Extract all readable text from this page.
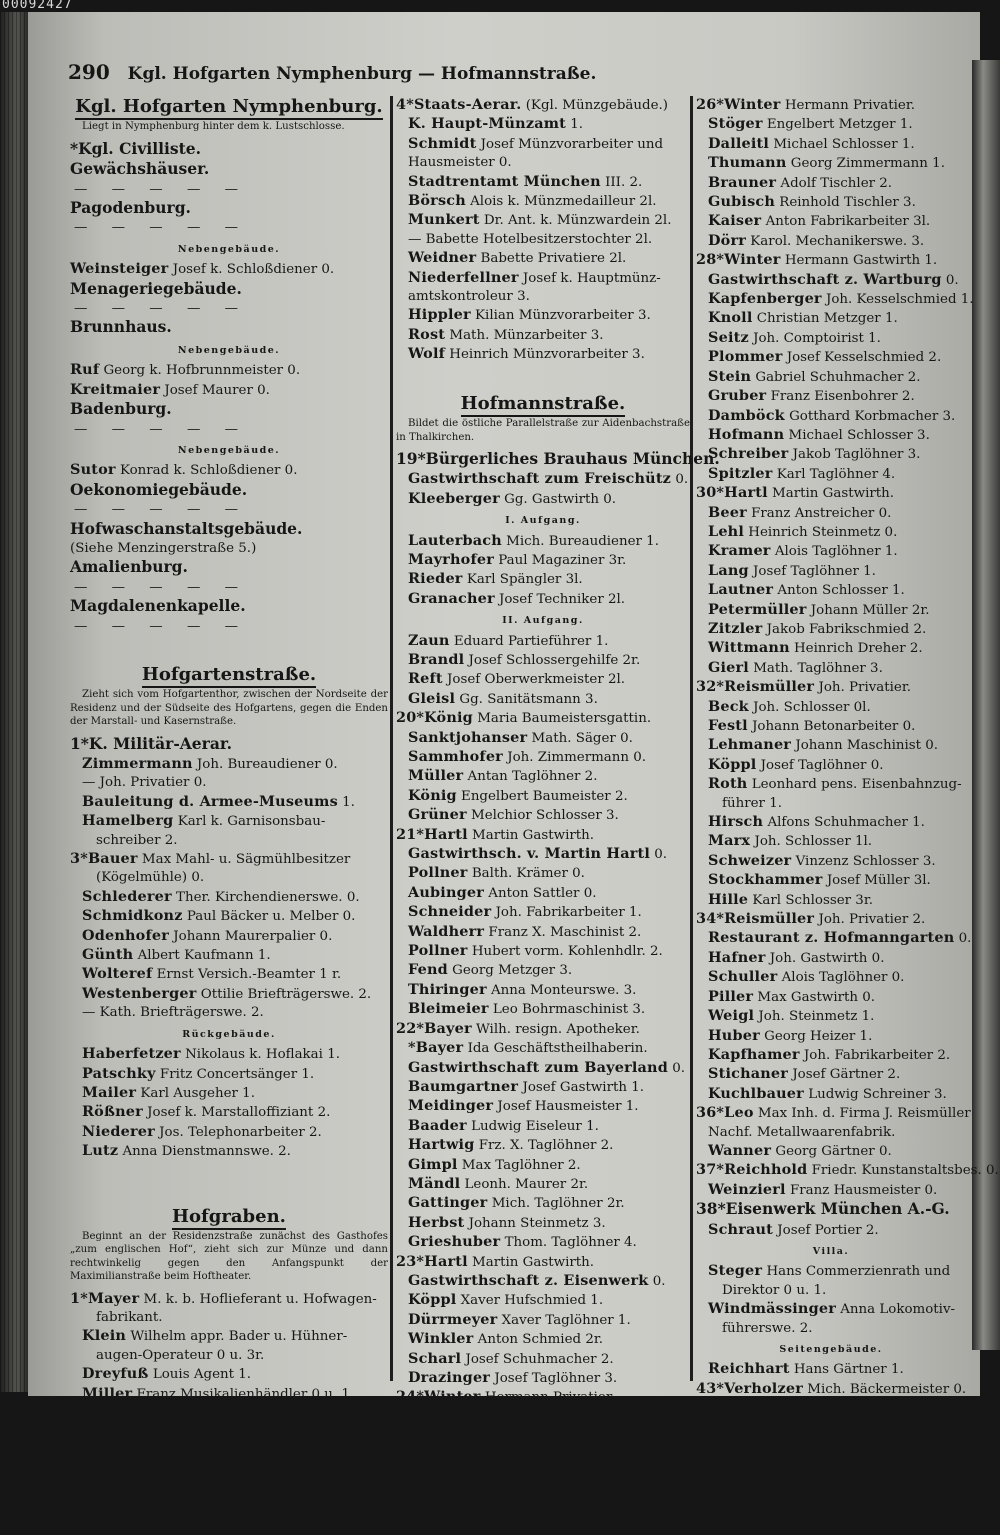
00092427
290 Kgl. Hofgarten Nymphenburg — Hofmannstraße.
Kgl. Hofgarten Nymphenburg.
Liegt in Nymphenburg hinter dem k. Lustschlosse.
*Kgl. Civilliste.
Gewächshäuser.
— — — — —
Pagodenburg.
— — — — —
Nebengebäude.
Weinsteiger Josef k. Schloßdiener 0.
Menageriegebäude.
— — — — —
Brunnhaus.
Nebengebäude.
Ruf Georg k. Hofbrunnmeister 0.
Kreitmaier Josef Maurer 0.
Badenburg.
— — — — —
Nebengebäude.
Sutor Konrad k. Schloßdiener 0.
Oekonomiegebäude.
— — — — —
Hofwaschanstaltsgebäude.
(Siehe Menzingerstraße 5.)
Amalienburg.
— — — — —
Magdalenenkapelle.
— — — — —
Hofgartenstraße.
Zieht sich vom Hofgartenthor, zwischen der Nordseite der Residenz und der Südseite des Hofgartens, gegen die Enden der Marstall- und Kasernstraße.
1*K. Militär-Aerar.
Zimmermann Joh. Bureaudiener 0.
— Joh. Privatier 0.
Bauleitung d. Armee-Museums 1.
Hamelberg Karl k. Garnisonsbau-
schreiber 2.
3*Bauer Max Mahl- u. Sägmühlbesitzer
(Kögelmühle) 0.
Schlederer Ther. Kirchendienerswe. 0.
Schmidkonz Paul Bäcker u. Melber 0.
Odenhofer Johann Maurerpalier 0.
Günth Albert Kaufmann 1.
Wolteref Ernst Versich.-Beamter 1 r.
Westenberger Ottilie Briefträgerswe. 2.
— Kath. Briefträgerswe. 2.
Rückgebäude.
Haberfetzer Nikolaus k. Hoflakai 1.
Patschky Fritz Concertsänger 1.
Mailer Karl Ausgeher 1.
Rößner Josef k. Marstalloffiziant 2.
Niederer Jos. Telephonarbeiter 2.
Lutz Anna Dienstmannswe. 2.
Hofgraben.
Beginnt an der Residenzstraße zunächst des Gasthofes „zum englischen Hof“, zieht sich zur Münze und dann rechtwinkelig gegen den Anfangspunkt der Maximilianstraße beim Hoftheater.
1*Mayer M. k. b. Hoflieferant u. Hofwagen-
fabrikant.
Klein Wilhelm appr. Bader u. Hühner-
augen-Operateur 0 u. 3r.
Dreyfuß Louis Agent 1.
Miller Franz Musikalienhändler 0 u. 1.
— Mich. Schreiner 1.
Witt J. M. Blumenfabrik 2.
Kimm Albert Juwelier 3.
4*Staats-Aerar. (Kgl. Münzgebäude.)
K. Haupt-Münzamt 1.
Schmidt Josef Münzvorarbeiter und
Hausmeister 0.
Stadtrentamt München III. 2.
Börsch Alois k. Münzmedailleur 2l.
Munkert Dr. Ant. k. Münzwardein 2l.
— Babette Hotelbesitzerstochter 2l.
Weidner Babette Privatiere 2l.
Niederfellner Josef k. Hauptmünz-
amtskontroleur 3.
Hippler Kilian Münzvorarbeiter 3.
Rost Math. Münzarbeiter 3.
Wolf Heinrich Münzvorarbeiter 3.
Hofmannstraße.
Bildet die östliche Parallelstraße zur Aidenbachstraße in Thalkirchen.
19*Bürgerliches Brauhaus München.
Gastwirthschaft zum Freischütz 0.
Kleeberger Gg. Gastwirth 0.
I. Aufgang.
Lauterbach Mich. Bureaudiener 1.
Mayrhofer Paul Magaziner 3r.
Rieder Karl Spängler 3l.
Granacher Josef Techniker 2l.
II. Aufgang.
Zaun Eduard Partieführer 1.
Brandl Josef Schlossergehilfe 2r.
Reft Josef Oberwerkmeister 2l.
Gleisl Gg. Sanitätsmann 3.
20*König Maria Baumeistersgattin.
Sanktjohanser Math. Säger 0.
Sammhofer Joh. Zimmermann 0.
Müller Antan Taglöhner 2.
König Engelbert Baumeister 2.
Grüner Melchior Schlosser 3.
21*Hartl Martin Gastwirth.
Gastwirthsch. v. Martin Hartl 0.
Pollner Balth. Krämer 0.
Aubinger Anton Sattler 0.
Schneider Joh. Fabrikarbeiter 1.
Waldherr Franz X. Maschinist 2.
Pollner Hubert vorm. Kohlenhdlr. 2.
Fend Georg Metzger 3.
Thiringer Anna Monteurswe. 3.
Bleimeier Leo Bohrmaschinist 3.
22*Bayer Wilh. resign. Apotheker.
*Bayer Ida Geschäftstheilhaberin.
Gastwirthschaft zum Bayerland 0.
Baumgartner Josef Gastwirth 1.
Meidinger Josef Hausmeister 1.
Baader Ludwig Eiseleur 1.
Hartwig Frz. X. Taglöhner 2.
Gimpl Max Taglöhner 2.
Mändl Leonh. Maurer 2r.
Gattinger Mich. Taglöhner 2r.
Herbst Johann Steinmetz 3.
Grieshuber Thom. Taglöhner 4.
23*Hartl Martin Gastwirth.
Gastwirthschaft z. Eisenwerk 0.
Köppl Xaver Hufschmied 1.
Dürrmeyer Xaver Taglöhner 1.
Winkler Anton Schmied 2r.
Scharl Josef Schuhmacher 2.
Drazinger Josef Taglöhner 3.
24*Winter Hermann Privatier.
Schütz Maria Wäscherin 0.
Scheuerer Alois Dek.-Maler 0.
Stettberger Thaddäus Steinfäger 1.
Sedlmeier Joh. Schuhmacher 2.
Scharl Josef Schuhmacher 3.
Letfuß Otto Steindrucker 3.
26*Winter Hermann Privatier.
Stöger Engelbert Metzger 1.
Dalleitl Michael Schlosser 1.
Thumann Georg Zimmermann 1.
Brauner Adolf Tischler 2.
Gubisch Reinhold Tischler 3.
Kaiser Anton Fabrikarbeiter 3l.
Dörr Karol. Mechanikerswe. 3.
28*Winter Hermann Gastwirth 1.
Gastwirthschaft z. Wartburg 0.
Kapfenberger Joh. Kesselschmied 1.
Knoll Christian Metzger 1.
Seitz Joh. Comptoirist 1.
Plommer Josef Kesselschmied 2.
Stein Gabriel Schuhmacher 2.
Gruber Franz Eisenbohrer 2.
Damböck Gotthard Korbmacher 3.
Hofmann Michael Schlosser 3.
Schreiber Jakob Taglöhner 3.
Spitzler Karl Taglöhner 4.
30*Hartl Martin Gastwirth.
Beer Franz Anstreicher 0.
Lehl Heinrich Steinmetz 0.
Kramer Alois Taglöhner 1.
Lang Josef Taglöhner 1.
Lautner Anton Schlosser 1.
Petermüller Johann Müller 2r.
Zitzler Jakob Fabrikschmied 2.
Wittmann Heinrich Dreher 2.
Gierl Math. Taglöhner 3.
32*Reismüller Joh. Privatier.
Beck Joh. Schlosser 0l.
Festl Johann Betonarbeiter 0.
Lehmaner Johann Maschinist 0.
Köppl Josef Taglöhner 0.
Roth Leonhard pens. Eisenbahnzug-
führer 1.
Hirsch Alfons Schuhmacher 1.
Marx Joh. Schlosser 1l.
Schweizer Vinzenz Schlosser 3.
Stockhammer Josef Müller 3l.
Hille Karl Schlosser 3r.
34*Reismüller Joh. Privatier 2.
Restaurant z. Hofmanngarten 0.
Hafner Joh. Gastwirth 0.
Schuller Alois Taglöhner 0.
Piller Max Gastwirth 0.
Weigl Joh. Steinmetz 1.
Huber Georg Heizer 1.
Kapfhamer Joh. Fabrikarbeiter 2.
Stichaner Josef Gärtner 2.
Kuchlbauer Ludwig Schreiner 3.
36*Leo Max Inh. d. Firma J. Reismüller
Nachf. Metallwaarenfabrik.
Wanner Georg Gärtner 0.
37*Reichhold Friedr. Kunstanstaltsbes. 0.
Weinzierl Franz Hausmeister 0.
38*Eisenwerk München A.-G.
Schraut Josef Portier 2.
Villa.
Steger Hans Commerzienrath und
Direktor 0 u. 1.
Windmässinger Anna Lokomotiv-
führerswe. 2.
Seitengebäude.
Reichhart Hans Gärtner 1.
43*Verholzer Mich. Bäckermeister 0.
Gasthaus Münchner Gießerei 0.
Wildgruber Peter Gastwirth 1.
Wiesner Josef Buchhalter 2.
Buchberger Christ. Maler 2.
Schwaiger Michael Wagner 2.
Egerer Paul Modellschreiner 2l.
Peltzer Adolf Lithograph 3.
